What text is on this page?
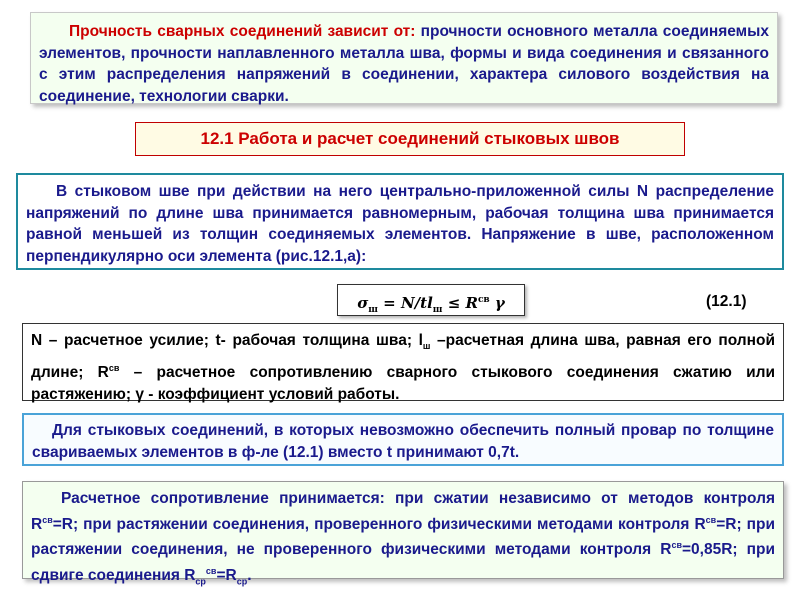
Прочность сварных соединений зависит от: прочности основного металла соединяемых элементов, прочности наплавленного металла шва, формы и вида соединения и связанного с этим распределения напряжений в соединении, характера силового воздействия на соединение, технологии сварки.

12.1 Работа и расчет соединений стыковых швов

В стыковом шве при действии на него центрально-приложенной силы N распределение напряжений по длине шва принимается равномерным, рабочая толщина шва принимается равной меньшей из толщин соединяемых элементов. Напряжение в шве, расположенном перпендикулярно оси элемента (рис.12.1,а):

$\sigma_ш = N/tl_ш \le R^{св}$ γ	(12.1)

N – расчетное усилие; t- рабочая толщина шва; $l_ш$ –расчетная длина шва, равная его полной длине; $R^{св}$ – расчетное сопротивлению сварного стыкового соединения сжатию или растяжению; γ - коэффициент условий работы.

Для стыковых соединений, в которых невозможно обеспечить полный провар по толщине свариваемых элементов в ф-ле (12.1) вместо t принимают 0,7t.

Расчетное сопротивление принимается: при сжатии независимо от методов контроля $R^{св}=R$; при растяжении соединения, проверенного физическими методами контроля $R^{св}=R$; при растяжении соединения, не проверенного физическими методами контроля $R^{св}=0,85R$; при сдвиге соединения $R_{ср}^{св}=R_{ср}$.
